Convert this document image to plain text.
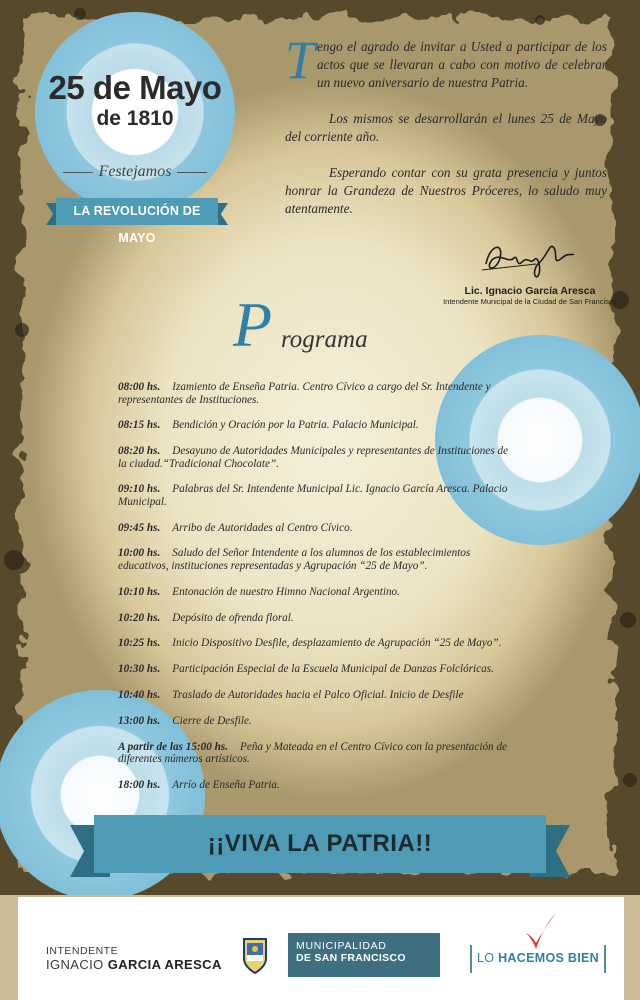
25 de Mayo
de 1810
Festejamos
LA REVOLUCIÓN DE MAYO

Tengo el agrado de invitar a Usted a participar de los actos que se llevaran a cabo con motivo de celebrar un nuevo aniversario de nuestra Patria.

Los mismos se desarrollarán el lunes 25 de Mayo del corriente año.

Esperando contar con su grata presencia y juntos honrar la Grandeza de Nuestros Próceres, lo saludo muy atentamente.

Lic. Ignacio García Aresca
Intendente Municipal de la Ciudad de San Francisco
P rograma
08:00 hs. Izamiento de Enseña Patria. Centro Cívico a cargo del Sr. Intendente y representantes de Instituciones.
08:15 hs. Bendición y Oración por la Patria. Palacio Municipal.
08:20 hs. Desayuno de Autoridades Municipales y representantes de Instituciones de la ciudad.“Tradicional Chocolate”.
09:10 hs. Palabras del Sr. Intendente Municipal Lic. Ignacio García Aresca. Palacio Municipal.
09:45 hs. Arribo de Autoridades al Centro Cívico.
10:00 hs. Saludo del Señor Intendente a los alumnos de los establecimientos educativos, instituciones representadas y Agrupación “25 de Mayo”.
10:10 hs. Entonación de nuestro Himno Nacional Argentino.
10:20 hs. Depósito de ofrenda floral.
10:25 hs. Inicio Dispositivo Desfile, desplazamiento de Agrupación “25 de Mayo”.
10:30 hs. Participación Especial de la Escuela Municipal de Danzas Folclóricas.
10:40 hs. Traslado de Autoridades hacia el Palco Oficial. Inicio de Desfile
13:00 hs. Cierre de Desfile.
A partir de las 15:00 hs. Peña y Mateada en el Centro Cívico con la presentación de diferentes números artísticos.
18:00 hs. Arrío de Enseña Patria.
¡¡VIVA LA PATRIA!!
INTENDENTE
IGNACIO GARCIA ARESCA
MUNICIPALIDAD
DE SAN FRANCISCO	LO HACEMOS BIEN
